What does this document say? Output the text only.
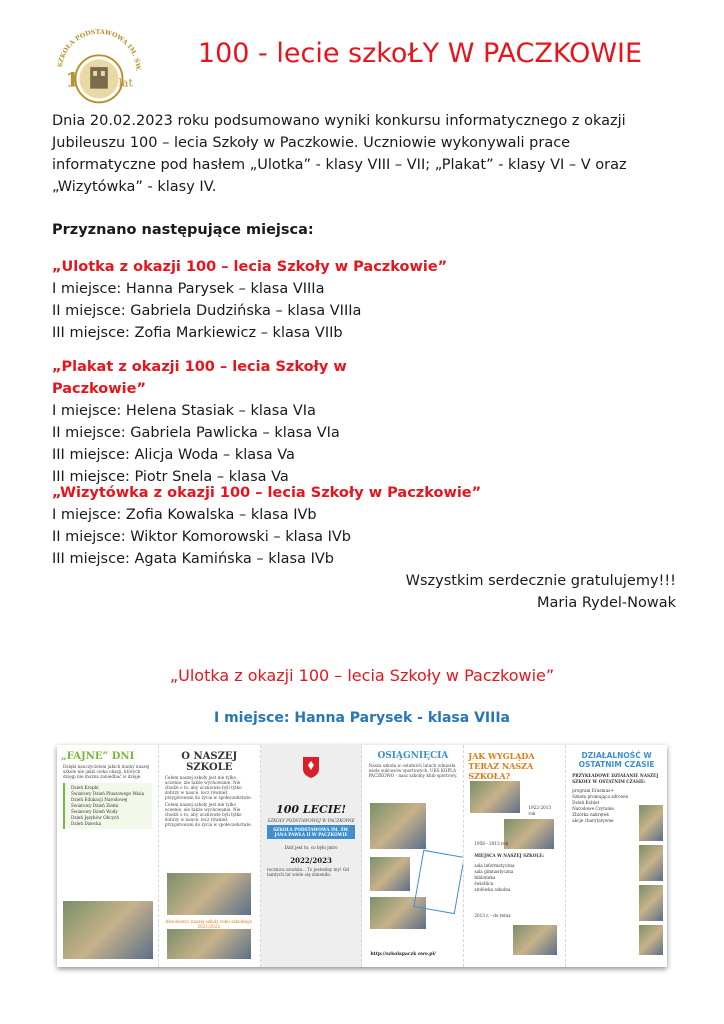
SZKOŁA PODSTAWOWA IM. ŚW.
1	lat
100 - lecie szkoŁY W PACZKOWIE

Dnia 20.02.2023 roku podsumowano wyniki konkursu informatycznego z okazji Jubileuszu 100 – lecia Szkoły w Paczkowie. Uczniowie wykonywali prace informatyczne pod hasłem „Ulotka” - klasy VIII – VII; „Plakat” - klasy VI – V oraz „Wizytówka” - klasy IV.

Przyznano następujące miejsca:

„Ulotka z okazji 100 – lecia Szkoły w Paczkowie”
I miejsce: Hanna Parysek – klasa VIIIa
II miejsce: Gabriela Dudzińska – klasa VIIIa
III miejsce: Zofia Markiewicz – klasa VIIb
„Plakat z okazji 100 – lecia Szkoły w
Paczkowie”
I miejsce: Helena Stasiak – klasa VIa
II miejsce: Gabriela Pawlicka – klasa VIa
III miejsce: Alicja Woda – klasa Va
III miejsce: Piotr Snela – klasa Va
„Wizytówka z okazji 100 – lecia Szkoły w Paczkowie”
I miejsce: Zofia Kowalska – klasa IVb
II miejsce: Wiktor Komorowski – klasa IVb
III miejsce: Agata Kamińska – klasa IVb
Wszystkim serdecznie gratulujemy!!!
Maria Rydel-Nowak
„Ulotka z okazji 100 – lecia Szkoły w Paczkowie”
I miejsce: Hanna Parysek - klasa VIIIa
„FAJNE” DNI
Dzięki nauczycielom jakich mamy naszej szkole nie jakiś cieka okazji, których dzięgi nie można zaniedbać w dzięje.
Dzień Kropki
Światowy Dzień Pluszowego Misia
Dzień Edukacji Narodowej
Światowy Dzień Ziemi
Światowy Dzień Wody
Dzień Języków Obcych
Dzień Dziecka
O NASZEJ SZKOLE
Celem naszej szkoły jest nie tylko uczenie, ale także wychowanie. Nie chodzi o to, aby uczniowie byli tylko dobrzy w nauce, lecz również przygotowani do życia w społeczeństwie.
Celem naszej szkoły jest nie tylko uczenie, ale także wychowanie. Nie chodzi o to, aby uczniowie byli tylko dobrzy w nauce, lecz również przygotowani do życia w społeczeństwie.
Absolwenci naszej szkoły roku szkolnego 2021/2022
100 LECIE!
SZKOŁY PODSTAWOWEJ W PACZKOWIE
SZKOŁA PODSTAWOWA IM. ŚW. JANA PAWŁA II W PACZKOWIE
Dziś jest to, co było jutro
2022/2023
rocznica urodzin... To jesteśmy my! Od tamtych lat wiele się zmieniło.
OSIĄGNIĘCIA
Nasza szkoła w ostatnich latach odniosła wiele sukcesów sportowych. UKS KOPLA PACZKOWO - nasz szkolny klub sportowy.
http://szkolapaczk owo.pl/
JAK WYGLĄDA TERAZ NASZA SZKOŁA?
1922-2013 rok
1958 - 2013 rok
MIEJSCA W NASZEJ SZKOLE:
sala informatyczna
sala gimnastyczna
biblioteka
świetlica
stołówka szkolna
2013 r. - do teraz
DZIAŁALNOŚĆ W OSTATNIM CZASIE
PRZYKŁADOWE DZIAŁANIE NASZEJ SZKOŁY W OSTATNIM CZASIE:
program Erasmus+
Szkoła promująca zdrowie
Dzień Kobiet
Narodowe Czytanie
Zbiórka nakrętek
akcje charytatywne
